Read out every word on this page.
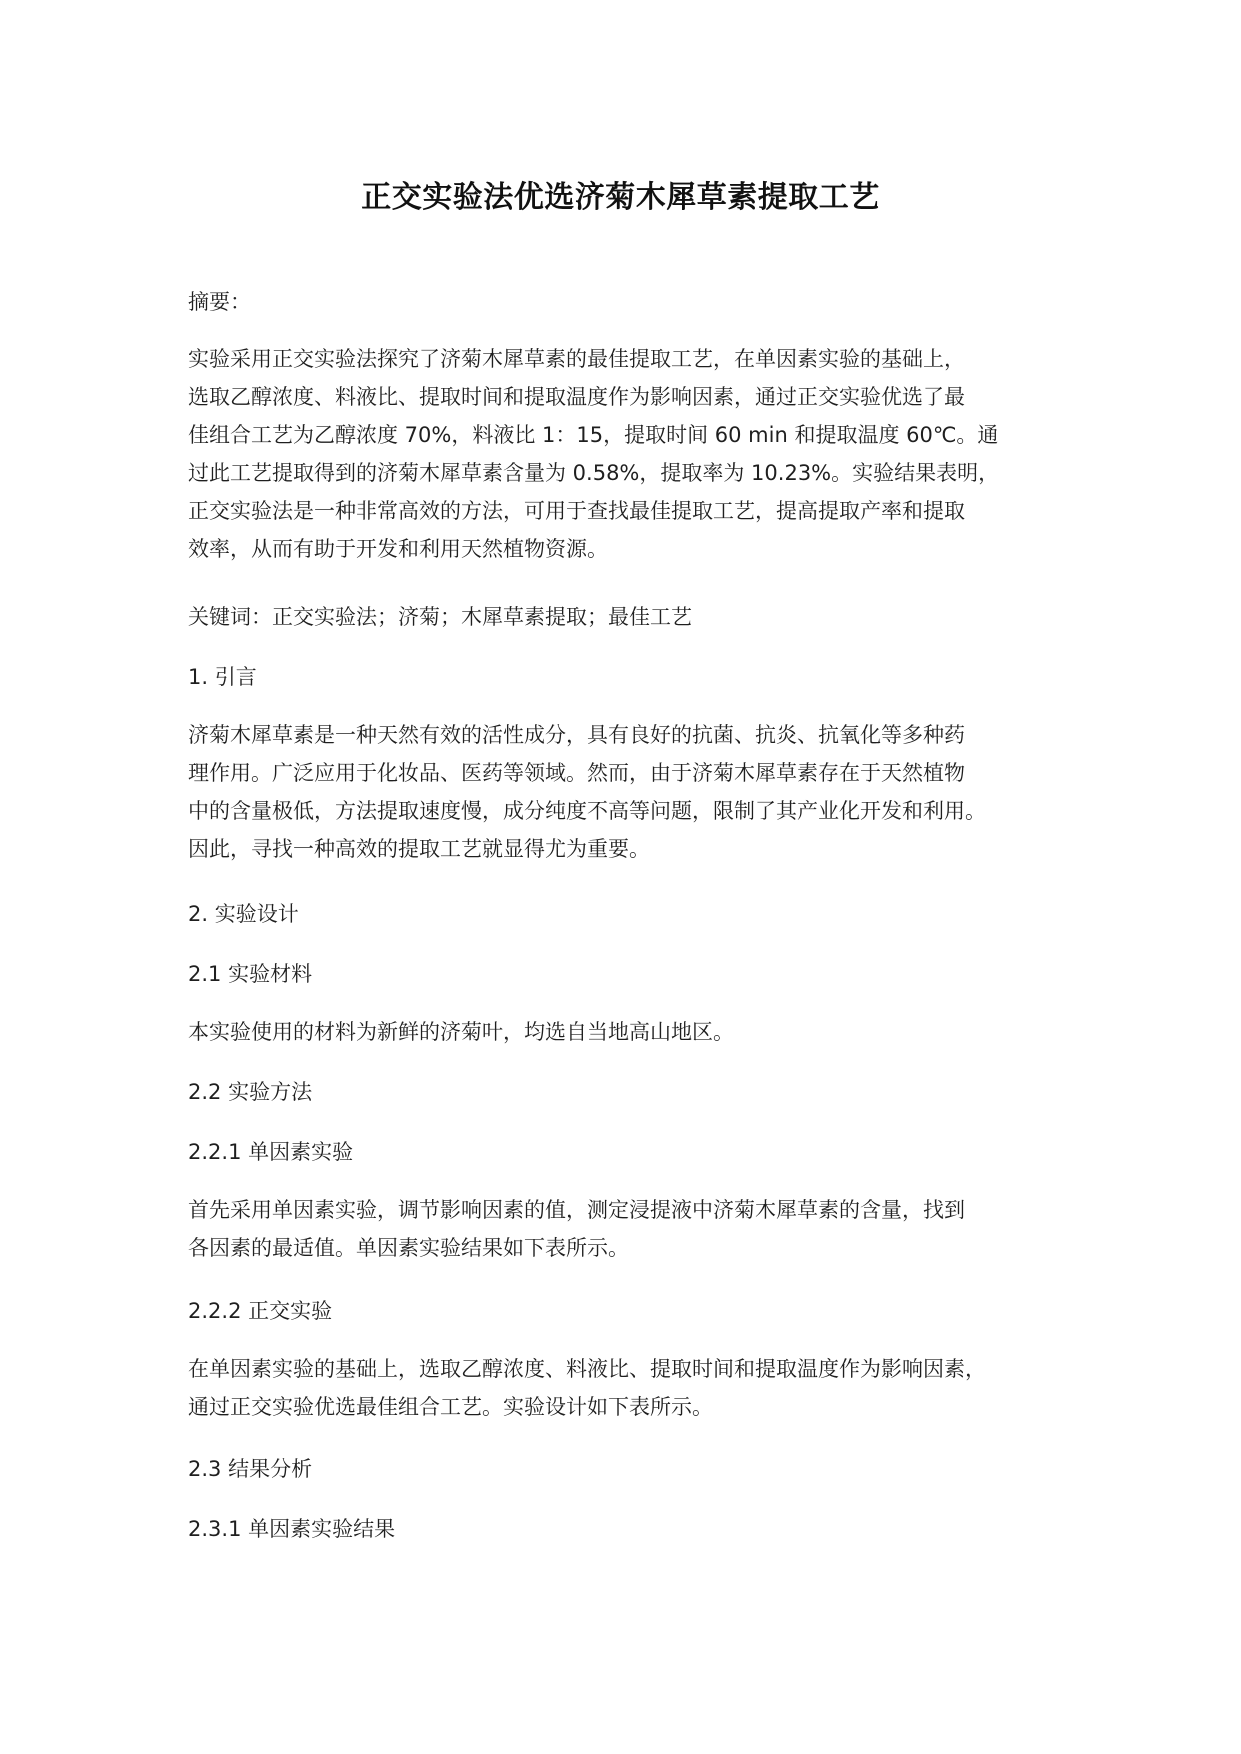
正交实验法优选济菊木犀草素提取工艺
摘要：
实验采用正交实验法探究了济菊木犀草素的最佳提取工艺，在单因素实验的基础上，
选取乙醇浓度、料液比、提取时间和提取温度作为影响因素，通过正交实验优选了最
佳组合工艺为乙醇浓度 70%，料液比 1：15，提取时间 60 min 和提取温度 60℃。通
过此工艺提取得到的济菊木犀草素含量为 0.58%，提取率为 10.23%。实验结果表明，
正交实验法是一种非常高效的方法，可用于查找最佳提取工艺，提高提取产率和提取
效率，从而有助于开发和利用天然植物资源。
关键词：正交实验法；济菊；木犀草素提取；最佳工艺
1. 引言
济菊木犀草素是一种天然有效的活性成分，具有良好的抗菌、抗炎、抗氧化等多种药
理作用。广泛应用于化妆品、医药等领域。然而，由于济菊木犀草素存在于天然植物
中的含量极低，方法提取速度慢，成分纯度不高等问题，限制了其产业化开发和利用。
因此，寻找一种高效的提取工艺就显得尤为重要。
2. 实验设计
2.1 实验材料
本实验使用的材料为新鲜的济菊叶，均选自当地高山地区。
2.2 实验方法
2.2.1 单因素实验
首先采用单因素实验，调节影响因素的值，测定浸提液中济菊木犀草素的含量，找到
各因素的最适值。单因素实验结果如下表所示。
2.2.2 正交实验
在单因素实验的基础上，选取乙醇浓度、料液比、提取时间和提取温度作为影响因素，
通过正交实验优选最佳组合工艺。实验设计如下表所示。
2.3 结果分析
2.3.1 单因素实验结果
